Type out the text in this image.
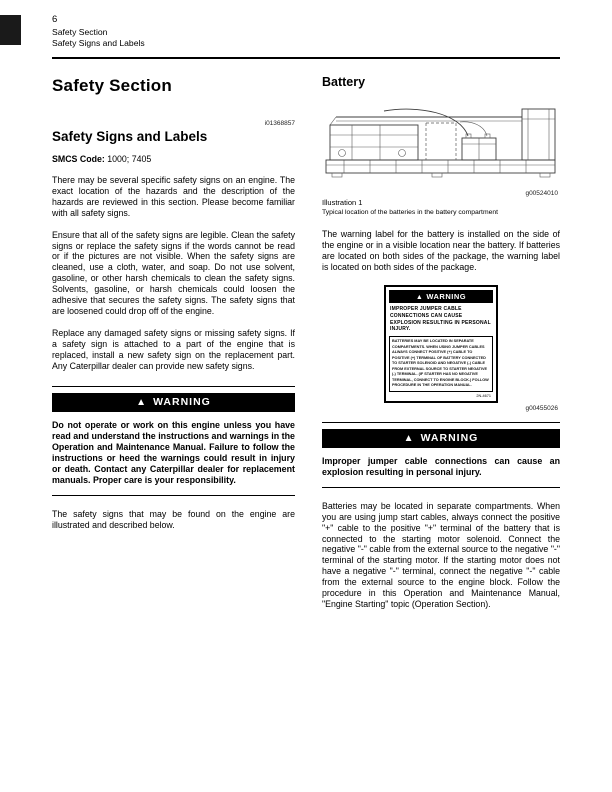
6
Safety Section
Safety Signs and Labels
Safety Section
i01368857
Safety Signs and Labels
SMCS Code: 1000; 7405

There may be several specific safety signs on an engine. The exact location of the hazards and the description of the hazards are reviewed in this section. Please become familiar with all safety signs.

Ensure that all of the safety signs are legible. Clean the safety signs or replace the safety signs if the words cannot be read or if the pictures are not visible. When the safety signs are cleaned, use a cloth, water, and soap. Do not use solvent, gasoline, or other harsh chemicals to clean the safety signs. Solvents, gasoline, or harsh chemicals could loosen the adhesive that secures the safety signs. The safety signs that are loosened could drop off of the engine.

Replace any damaged safety signs or missing safety signs. If a safety sign is attached to a part of the engine that is replaced, install a new safety sign on the replacement part. Any Caterpillar dealer can provide new safety signs.

▲ WARNING
Do not operate or work on this engine unless you have read and understand the instructions and warnings in the Operation and Maintenance Manual. Failure to follow the instructions or heed the warnings could result in injury or death. Contact any Caterpillar dealer for replacement manuals. Proper care is your responsibility.

The safety signs that may be found on the engine are illustrated and described below.

Battery
g00524010
Illustration 1
Typical location of the batteries in the battery compartment

The warning label for the battery is installed on the side of the engine or in a visible location near the battery. If batteries are located on both sides of the package, the warning label is located on both sides of the package.

▲ WARNING
IMPROPER JUMPER CABLE CONNECTIONS CAN CAUSE EXPLOSION RESULTING IN PERSONAL INJURY.
BATTERIES MAY BE LOCATED IN SEPARATE COMPARTMENTS. WHEN USING JUMPER CABLES ALWAYS CONNECT POSITIVE (+) CABLE TO POSITIVE (+) TERMINAL OF BATTERY CONNECTED TO STARTER SOLENOID AND NEGATIVE (-) CABLE FROM EXTERNAL SOURCE TO STARTER NEGATIVE (-) TERMINAL. (IF STARTER HAS NO NEGATIVE TERMINAL, CONNECT TO ENGINE BLOCK.) FOLLOW PROCEDURE IN THE OPERATION MANUAL.
2N-4671
g00455026
▲ WARNING
Improper jumper cable connections can cause an explosion resulting in personal injury.

Batteries may be located in separate compartments. When you are using jump start cables, always connect the positive "+" cable to the positive "+" terminal of the battery that is connected to the starting motor solenoid. Connect the negative "-" cable from the external source to the negative "-" terminal of the starting motor. If the starting motor does not have a negative "-" terminal, connect the negative "-" cable from the external source to the engine block. Follow the procedure in this Operation and Maintenance Manual, "Engine Starting" topic (Operation Section).
